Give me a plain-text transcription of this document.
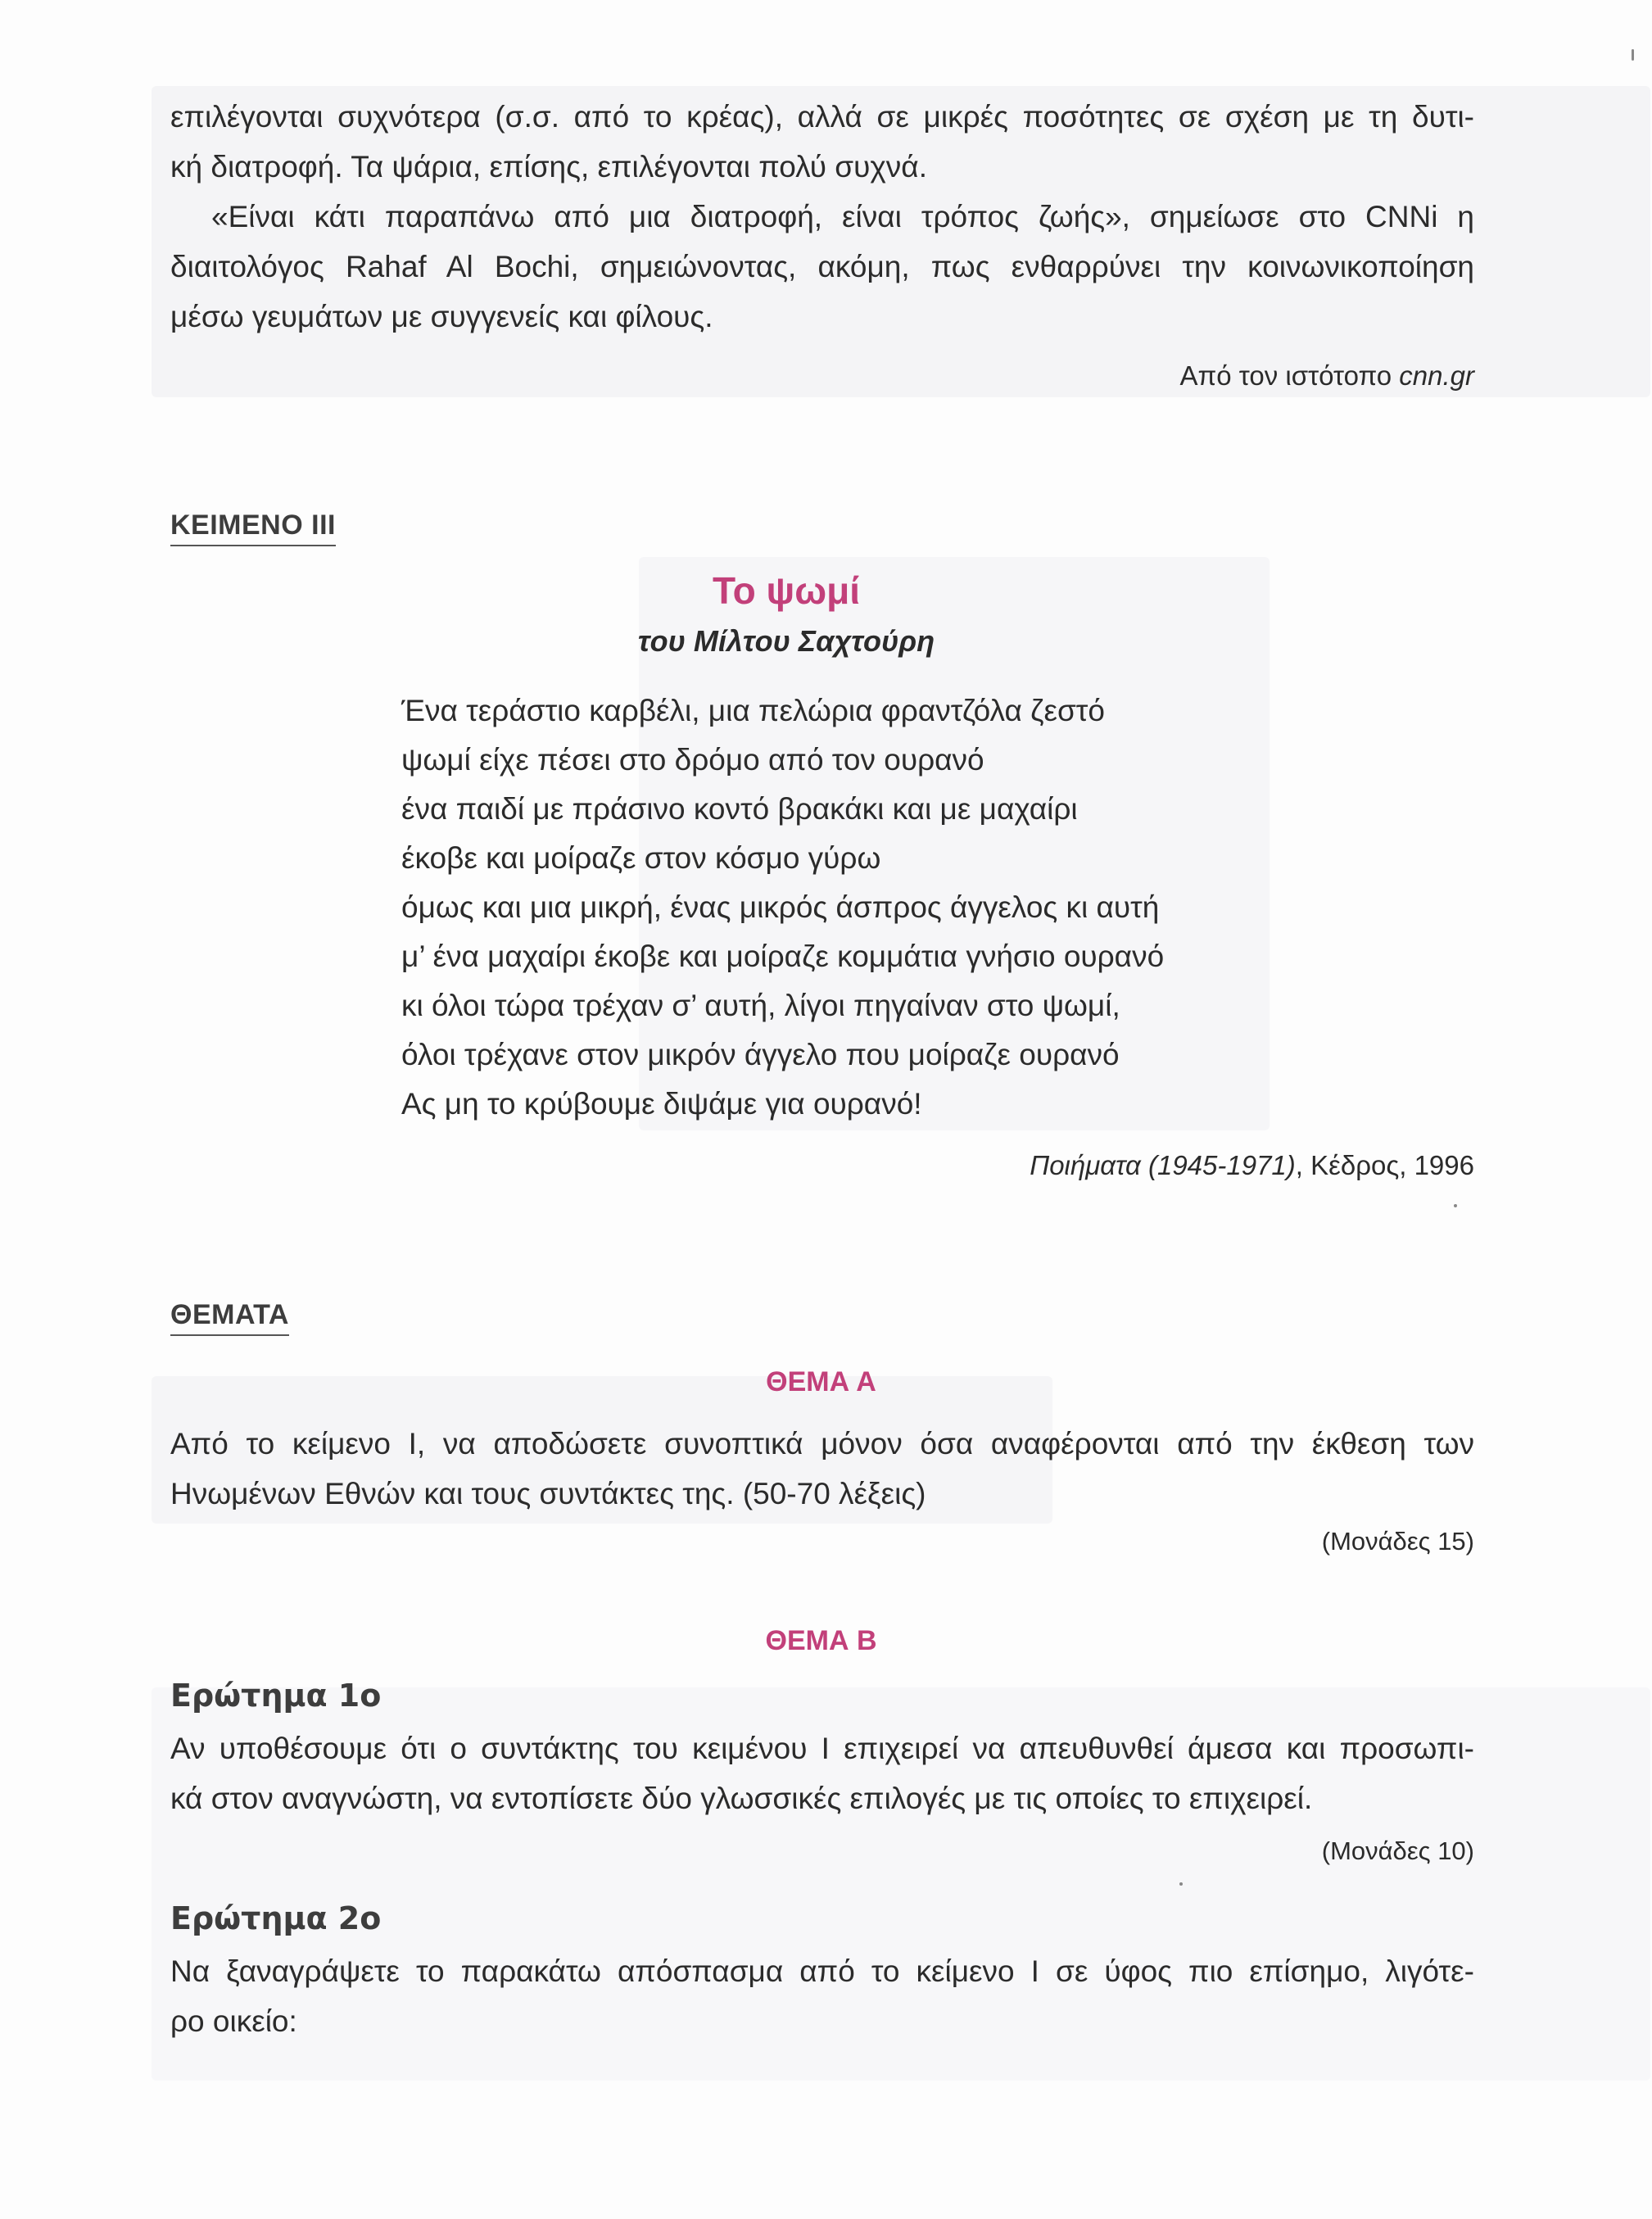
επιλέγονται συχνότερα (σ.σ. από το κρέας), αλλά σε μικρές ποσότητες σε σχέση με τη δυτι-
κή διατροφή. Τα ψάρια, επίσης, επιλέγονται πολύ συχνά.

«Είναι κάτι παραπάνω από μια διατροφή, είναι τρόπος ζωής», σημείωσε στο CNNi η
διαιτολόγος Rahaf Al Bochi, σημειώνοντας, ακόμη, πως ενθαρρύνει την κοινωνικοποίηση
μέσω γευμάτων με συγγενείς και φίλους.

Από τον ιστότοπο cnn.gr
ΚΕΙΜΕΝΟ ΙΙΙ
Το ψωμί
του Μίλτου Σαχτούρη
Ένα τεράστιο καρβέλι, μια πελώρια φραντζόλα ζεστό
ψωμί είχε πέσει στο δρόμο από τον ουρανό
ένα παιδί με πράσινο κοντό βρακάκι και με μαχαίρι
έκοβε και μοίραζε στον κόσμο γύρω
όμως και μια μικρή, ένας μικρός άσπρος άγγελος κι αυτή
μ’ ένα μαχαίρι έκοβε και μοίραζε κομμάτια γνήσιο ουρανό
κι όλοι τώρα τρέχαν σ’ αυτή, λίγοι πηγαίναν στο ψωμί,
όλοι τρέχανε στον μικρόν άγγελο που μοίραζε ουρανό
Ας μη το κρύβουμε διψάμε για ουρανό!
Ποιήματα (1945-1971), Κέδρος, 1996
ΘΕΜΑΤΑ
ΘΕΜΑ Α

Από το κείμενο Ι, να αποδώσετε συνοπτικά μόνον όσα αναφέρονται από την έκθεση των
Ηνωμένων Εθνών και τους συντάκτες της. (50-70 λέξεις)

(Μονάδες 15)
ΘΕΜΑ Β
Ερώτημα 1ο

Αν υποθέσουμε ότι ο συντάκτης του κειμένου Ι επιχειρεί να απευθυνθεί άμεσα και προσωπι-
κά στον αναγνώστη, να εντοπίσετε δύο γλωσσικές επιλογές με τις οποίες το επιχειρεί.

(Μονάδες 10)
Ερώτημα 2ο

Να ξαναγράψετε το παρακάτω απόσπασμα από το κείμενο Ι σε ύφος πιο επίσημο, λιγότε-
ρο οικείο:
